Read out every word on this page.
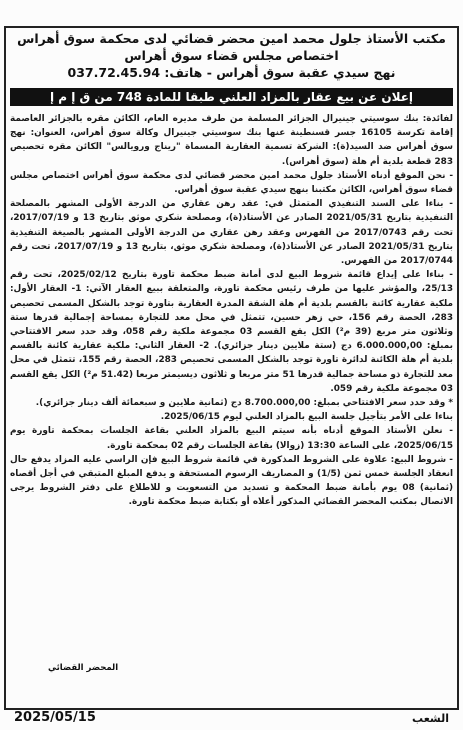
مكتب الأستاذ جلول محمد امين محضر قضائي لدى محكمة سوق أهراس
اختصاص مجلس قضاء سوق أهراس
نهج سيدي عقبة سوق أهراس - هاتف: 037.72.45.94
إعلان عن بيع عقار بالمزاد العلني طبقا للمادة 748 من ق إ م إ

لفائدة: بنك سوسيتي جينيرال الجزائر المسلمة من طرف مديره العام، الكائن مقره بالجزائر العاصمة إقامة تكرسة 16105 جسر قسنطينة عنها بنك سوسيتي جينيرال وكالة سوق أهراس، العنوان: نهج سوق أهراس ضد السيد(ة): الشركة تسمية العقارية المسماة "ريناج ورويالس" الكائن مقره تحصيص 283 قطعة بلدية أم هلة (سوق أهراس).

- نحن الموقع أدناه الأستاذ جلول محمد امين محضر قضائي لدى محكمة سوق أهراس اختصاص مجلس قضاء سوق أهراس، الكائن مكتبنا بنهج سيدي عقبة سوق أهراس.

- بناءا على السند التنفيذي المتمثل في: عقد رهن عقاري من الدرجة الأولى المشهر بالمصلحة التنفيذية بتاريخ 2021/05/31 الصادر عن الأستاذ(ة)، ومصلحة شكري موثق بتاريخ 13 و 2017/07/19، تحت رقم 2017/0743 من الفهرس وعقد رهن عقاري من الدرجة الأولى المشهر بالصيغة التنفيذية بتاريخ 2021/05/31 الصادر عن الأستاذ(ة)، ومصلحة شكري موثق، بتاريخ 13 و 2017/07/19، تحت رقم 2017/0744 من الفهرس.

- بناءا على إيداع قائمة شروط البيع لدى أمانة ضبط محكمة تاورة بتاريخ 2025/02/12، تحت رقم 25/13، والمؤشر عليها من طرف رئيس محكمة تاورة، والمتعلقة ببيع العقار الآتي: 1- العقار الأول: ملكية عقارية كائنة بالقسم بلدية أم هلة الشقة المدرة العقارية بتاورة توجد بالشكل المسمى تحصيص 283، الحصة رقم 156، حي زهر حسين، تتمثل في محل معد للتجارة بمساحة إجمالية قدرها ستة وثلاثون متر مربع (39 م²) الكل يقع القسم 03 مجموعة ملكية رقم 058، وقد حدد سعر الافتتاحي بمبلغ: 6.000.000,00 دج (ستة ملايين دينار جزائري). 2- العقار الثاني: ملكية عقارية كائنة بالقسم بلدية أم هلة الكائنة لدائرة تاورة توجد بالشكل المسمى تحصيص 283، الحصة رقم 155، تتمثل في محل معد للتجارة ذو مساحة جمالية قدرها 51 متر مربعا و ثلاثون ديسيمتر مربعا (51.42 م²) الكل يقع القسم 03 مجموعة ملكية رقم 059.

* وقد حدد سعر الافتتاحي بمبلغ: 8.700.000,00 دج (ثمانية ملايين و سبعمائة ألف دينار جزائري).

بناءا على الأمر بتأجيل جلسة البيع بالمزاد العلني ليوم 2025/06/15.

- نعلن الأستاذ الموقع أدناه بأنه سيتم البيع بالمزاد العلني بقاعة الجلسات بمحكمة تاورة يوم 2025/06/15، على الساعة 13:30 (زوالا) بقاعة الجلسات رقم 02 بمحكمة تاورة.

- شروط البيع: علاوة على الشروط المذكورة في قائمة شروط البيع فإن الراسي عليه المزاد يدفع حال انعقاد الجلسة خمس ثمن (1/5) و المصاريف الرسوم المستحقة و يدفع المبلغ المتبقي في أجل أقصاه (ثمانية) 08 يوم بأمانة ضبط المحكمة و تسديد من التسعويت و للاطلاع على دفتر الشروط يرجى الاتصال بمكتب المحضر القضائي المذكور أعلاه أو بكتابة ضبط محكمة تاورة.

المحضر القضائي
الشعب
2025/05/15
